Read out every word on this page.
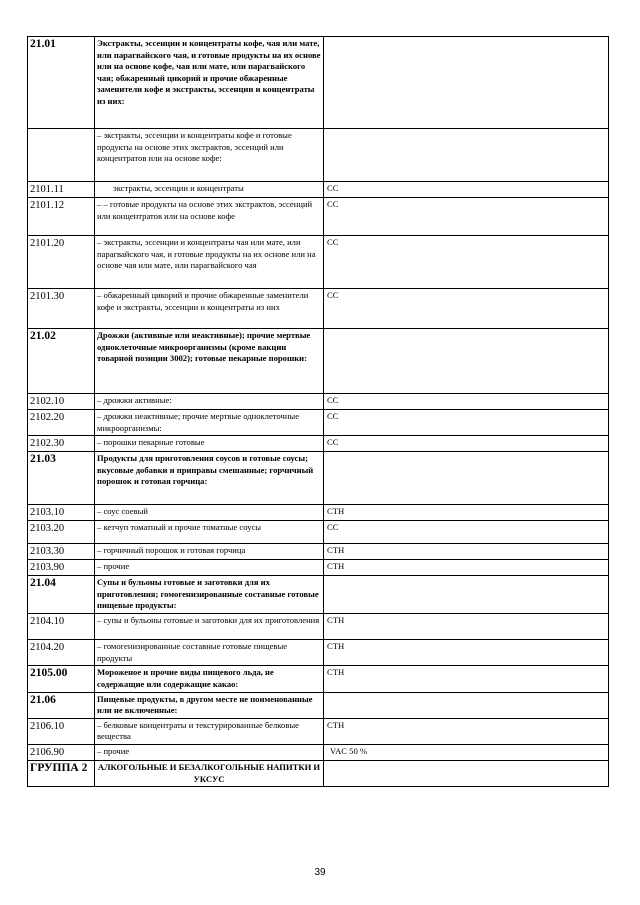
21.01	Экстракты, эссенции и концентраты кофе, чая или мате, или парагвайского чая, и готовые продукты на их основе или на основе кофе, чая или мате, или парагвайского чая; обжаренный цикорий и прочие обжаренные заменители кофе и экстракты, эссенции и концентраты из них:	
	– экстракты, эссенции и концентраты кофе и готовые продукты на основе этих экстрактов, эссенций или концентратов или на основе кофе:	
2101.11	экстракты, эссенции и концентраты	СС
2101.12	– – готовые продукты на основе этих экстрактов, эссенций или концентратов или на основе кофе	СС
2101.20	– экстракты, эссенции и концентраты чая или мате, или парагвайского чая, и готовые продукты на их основе или на основе чая или мате, или парагвайского чая	СС
2101.30	– обжаренный цикорий и прочие обжаренные заменители кофе и экстракты, эссенции и концентраты из них	СС
21.02	Дрожжи (активные или неактивные); прочие мертвые одноклеточные микроорганизмы (кроме вакцин товарной позиции 3002); готовые пекарные порошки:	
2102.10	– дрожжи активные:	СС
2102.20	– дрожжи неактивные; прочие мертвые одноклеточные микроорганизмы:	СС
2102.30	– порошки пекарные готовые	СС
21.03	Продукты для приготовления соусов и готовые соусы; вкусовые добавки и приправы смешанные; горчичный порошок и готовая горчица:	
2103.10	– соус соевый	СТН
2103.20	– кетчуп томатный и прочие томатные соусы	СС
2103.30	– горчичный порошок и готовая горчица	СТН
2103.90	– прочие	СТН
21.04	Супы и бульоны готовые и заготовки для их приготовления; гомогенизированные составные готовые пищевые продукты:	
2104.10	– супы и бульоны готовые и заготовки для их приготовления	СТН
2104.20	– гомогенизированные составные готовые пищевые продукты	СТН
2105.00	Мороженое и прочие виды пищевого льда, не содержащие или содержащие какао:	СТН
21.06	Пищевые продукты, в другом месте не поименованные или не включенные:	
2106.10	– белковые концентраты и текстурированные белковые вещества	СТН
2106.90	– прочие	VAC 50 %
ГРУППА 2	АЛКОГОЛЬНЫЕ И БЕЗАЛКОГОЛЬНЫЕ НАПИТКИ И УКСУС	
39
